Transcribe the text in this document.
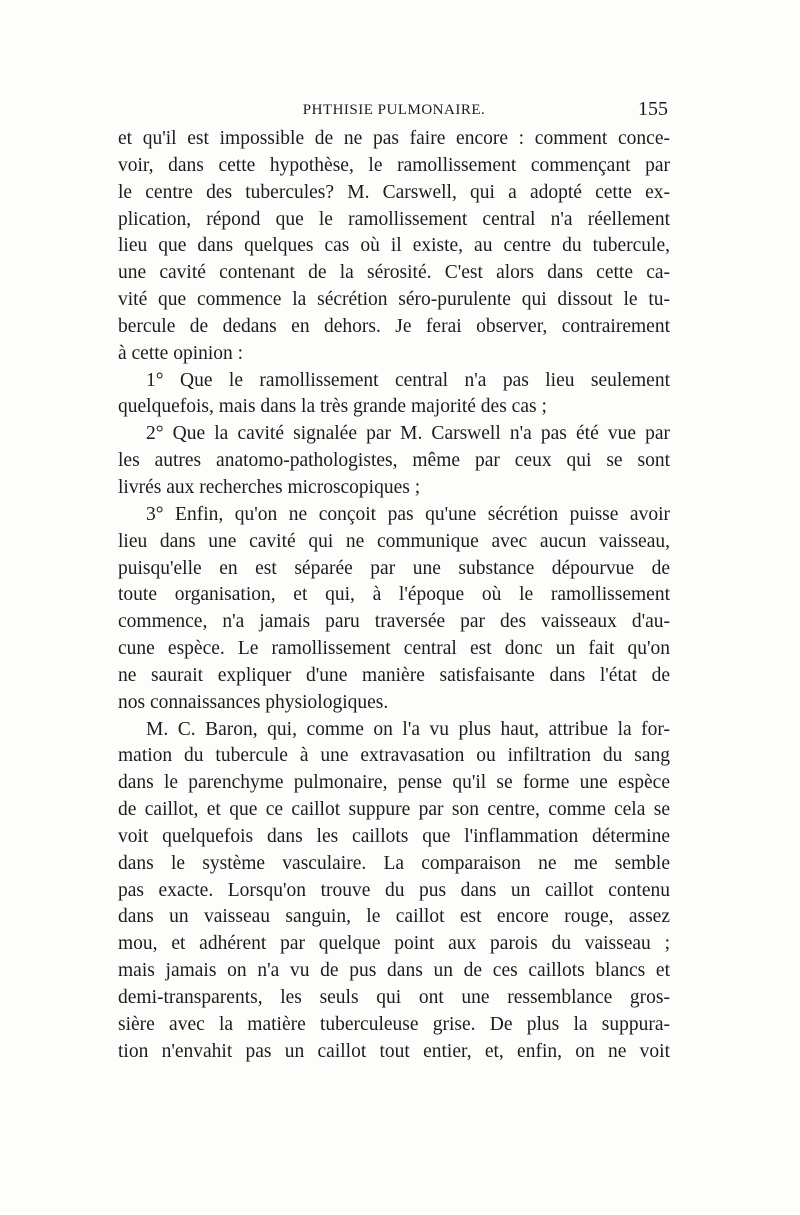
PHTHISIE PULMONAIRE.	155
et qu'il est impossible de ne pas faire encore : comment conce-
voir, dans cette hypothèse, le ramollissement commençant par
le centre des tubercules? M. Carswell, qui a adopté cette ex-
plication, répond que le ramollissement central n'a réellement
lieu que dans quelques cas où il existe, au centre du tubercule,
une cavité contenant de la sérosité. C'est alors dans cette ca-
vité que commence la sécrétion séro-purulente qui dissout le tu-
bercule de dedans en dehors. Je ferai observer, contrairement
à cette opinion :
1° Que le ramollissement central n'a pas lieu seulement
quelquefois, mais dans la très grande majorité des cas ;
2° Que la cavité signalée par M. Carswell n'a pas été vue par
les autres anatomo-pathologistes, même par ceux qui se sont
livrés aux recherches microscopiques ;
3° Enfin, qu'on ne conçoit pas qu'une sécrétion puisse avoir
lieu dans une cavité qui ne communique avec aucun vaisseau,
puisqu'elle en est séparée par une substance dépourvue de
toute organisation, et qui, à l'époque où le ramollissement
commence, n'a jamais paru traversée par des vaisseaux d'au-
cune espèce. Le ramollissement central est donc un fait qu'on
ne saurait expliquer d'une manière satisfaisante dans l'état de
nos connaissances physiologiques.
M. C. Baron, qui, comme on l'a vu plus haut, attribue la for-
mation du tubercule à une extravasation ou infiltration du sang
dans le parenchyme pulmonaire, pense qu'il se forme une espèce
de caillot, et que ce caillot suppure par son centre, comme cela se
voit quelquefois dans les caillots que l'inflammation détermine
dans le système vasculaire. La comparaison ne me semble
pas exacte. Lorsqu'on trouve du pus dans un caillot contenu
dans un vaisseau sanguin, le caillot est encore rouge, assez
mou, et adhérent par quelque point aux parois du vaisseau ;
mais jamais on n'a vu de pus dans un de ces caillots blancs et
demi-transparents, les seuls qui ont une ressemblance gros-
sière avec la matière tuberculeuse grise. De plus la suppura-
tion n'envahit pas un caillot tout entier, et, enfin, on ne voit
